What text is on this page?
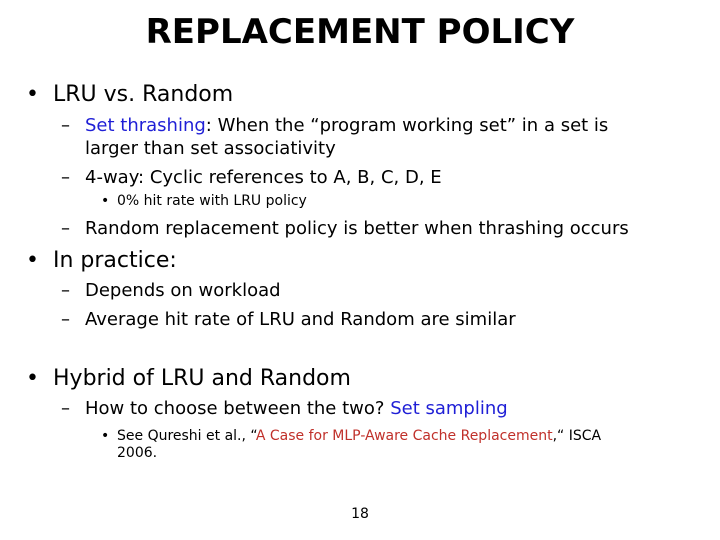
REPLACEMENT POLICY
• LRU vs. Random
– Set thrashing: When the “program working set” in a set is
larger than set associativity
– 4-way: Cyclic references to A, B, C, D, E
• 0% hit rate with LRU policy
– Random replacement policy is better when thrashing occurs
• In practice:
– Depends on workload
– Average hit rate of LRU and Random are similar
• Hybrid of LRU and Random
– How to choose between the two? Set sampling
• See Qureshi et al., “A Case for MLP-Aware Cache Replacement,“ ISCA
2006.
18
